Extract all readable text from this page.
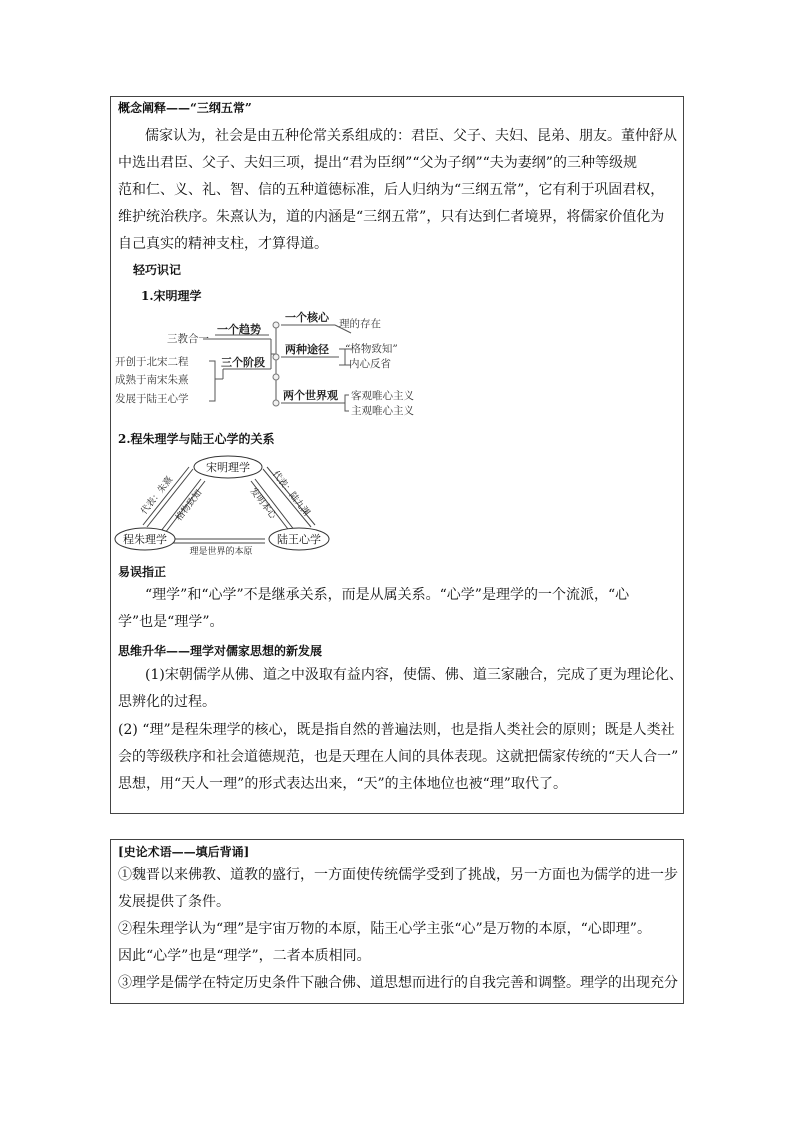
概念阐释——“三纲五常”
儒家认为，社会是由五种伦常关系组成的：君臣、父子、夫妇、昆弟、朋友。董仲舒从
中选出君臣、父子、夫妇三项，提出“君为臣纲”“父为子纲”“夫为妻纲”的三种等级规
范和仁、义、礼、智、信的五种道德标准，后人归纳为“三纲五常”，它有利于巩固君权，
维护统治秩序。朱熹认为，道的内涵是“三纲五常”，只有达到仁者境界，将儒家价值化为
自己真实的精神支柱，才算得道。
轻巧识记
1.宋明理学
三教合一
开创于北宋二程
成熟于南宋朱熹
发展于陆王心学
理的存在
“格物致知”
内心反省
客观唯心主义
主观唯心主义
一个趋势
三个阶段
一个核心
两种途径
两个世界观
2.程朱理学与陆王心学的关系
宋明理学
程朱理学	陆王心学
理是世界的本原
代表：朱熹 格物致知	发明本心
代表：陆九渊
易误指正
“理学”和“心学”不是继承关系，而是从属关系。“心学”是理学的一个流派，“心
学”也是“理学”。
思维升华——理学对儒家思想的新发展
(1)宋朝儒学从佛、道之中汲取有益内容，使儒、佛、道三家融合，完成了更为理论化、
思辨化的过程。
(2) “理”是程朱理学的核心，既是指自然的普遍法则，也是指人类社会的原则；既是人类社
会的等级秩序和社会道德规范，也是天理在人间的具体表现。这就把儒家传统的“天人合一”
思想，用“天人一理”的形式表达出来，“天”的主体地位也被“理”取代了。
[史论术语——填后背诵]
①魏晋以来佛教、道教的盛行，一方面使传统儒学受到了挑战，另一方面也为儒学的进一步
发展提供了条件。
②程朱理学认为“理”是宇宙万物的本原，陆王心学主张“心”是万物的本原，“心即理”。
因此“心学”也是“理学”，二者本质相同。
③理学是儒学在特定历史条件下融合佛、道思想而进行的自我完善和调整。理学的出现充分
